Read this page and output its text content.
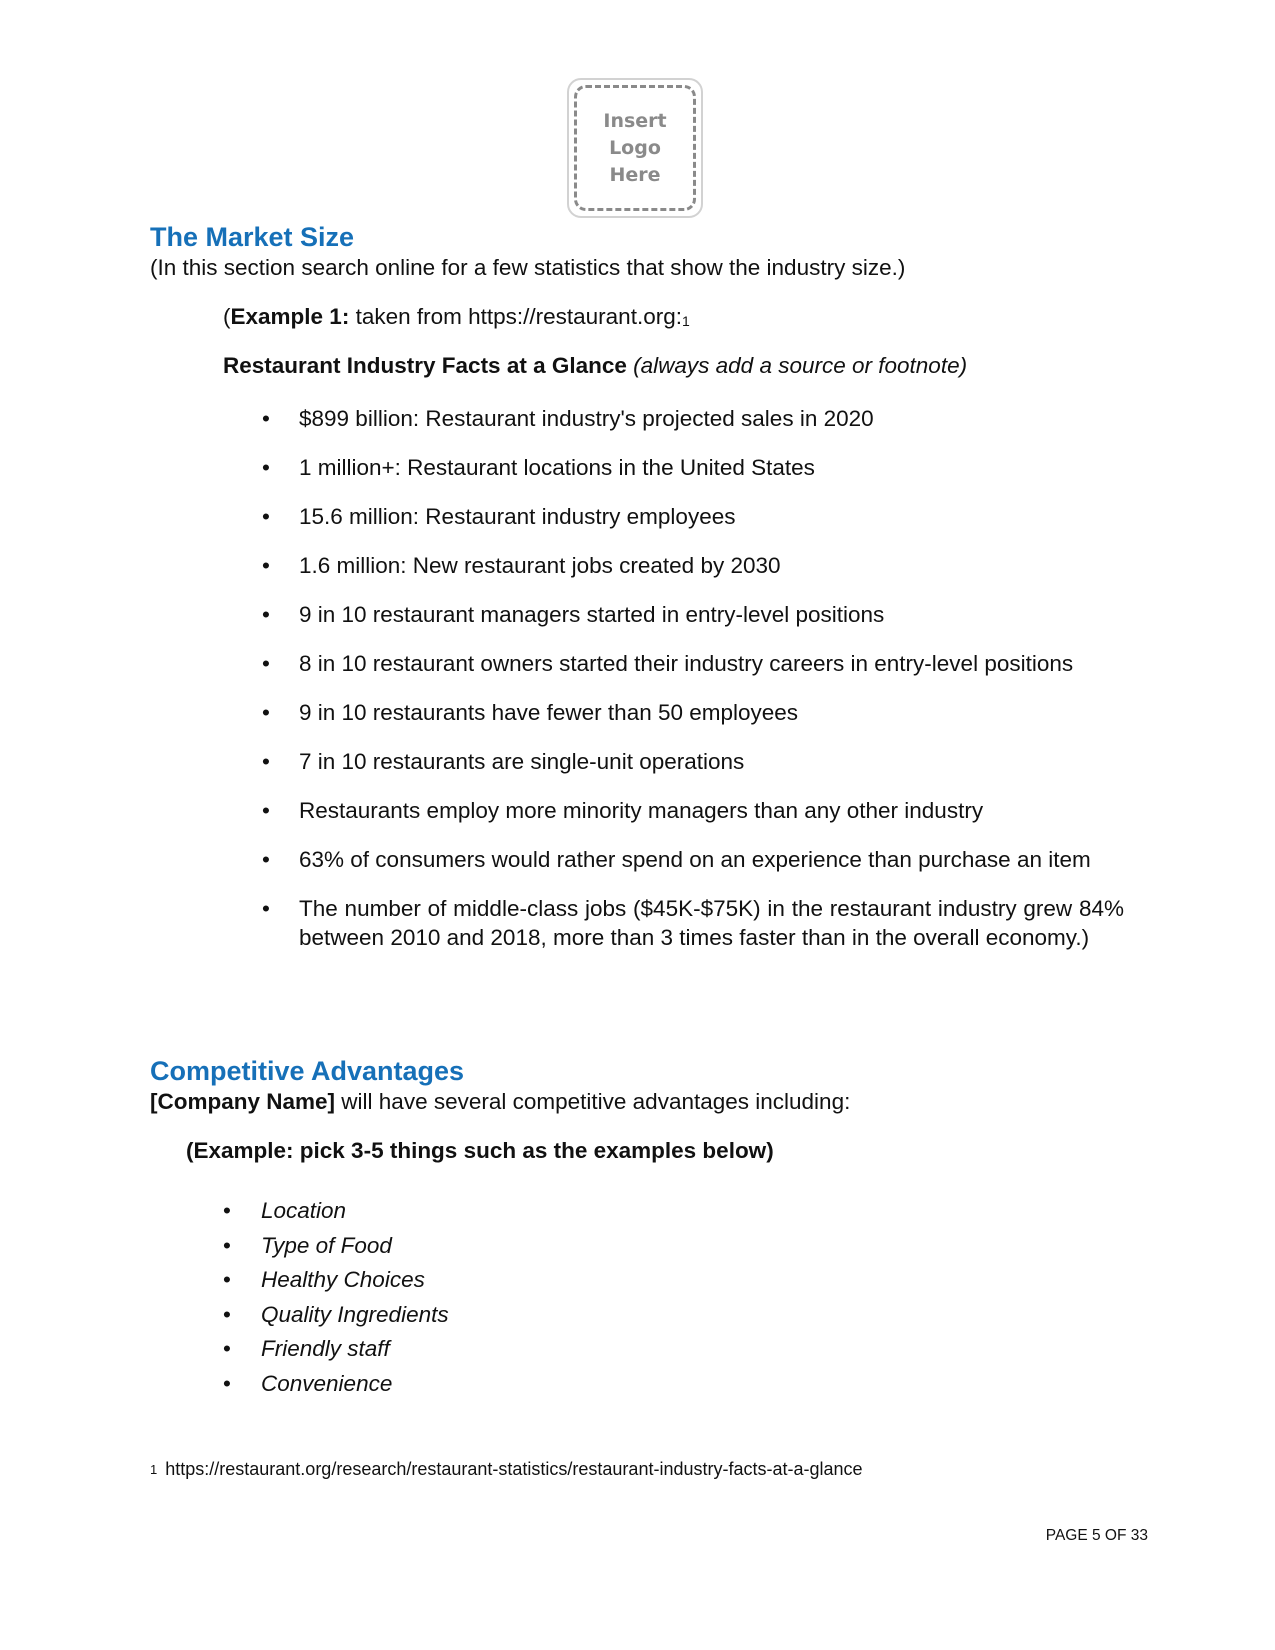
Insert
Logo
Here
The Market Size

(In this section search online for a few statistics that show the industry size.)

(Example 1: taken from https://restaurant.org:$^1$

Restaurant Industry Facts at a Glance (always add a source or footnote)

• $899 billion: Restaurant industry's projected sales in 2020
• 1 million+: Restaurant locations in the United States
• 15.6 million: Restaurant industry employees
• 1.6 million: New restaurant jobs created by 2030
• 9 in 10 restaurant managers started in entry-level positions
• 8 in 10 restaurant owners started their industry careers in entry-level positions
• 9 in 10 restaurants have fewer than 50 employees
• 7 in 10 restaurants are single-unit operations
• Restaurants employ more minority managers than any other industry
• 63% of consumers would rather spend on an experience than purchase an item
• The number of middle-class jobs ($45K-$75K) in the restaurant industry grew 84% between 2010 and 2018, more than 3 times faster than in the overall economy.)
Competitive Advantages

[Company Name] will have several competitive advantages including:

(Example: pick 3-5 things such as the examples below)

• Location
• Type of Food
• Healthy Choices
• Quality Ingredients
• Friendly staff
• Convenience
$^1$ https://restaurant.org/research/restaurant-statistics/restaurant-industry-facts-at-a-glance
PAGE 5 OF 33
